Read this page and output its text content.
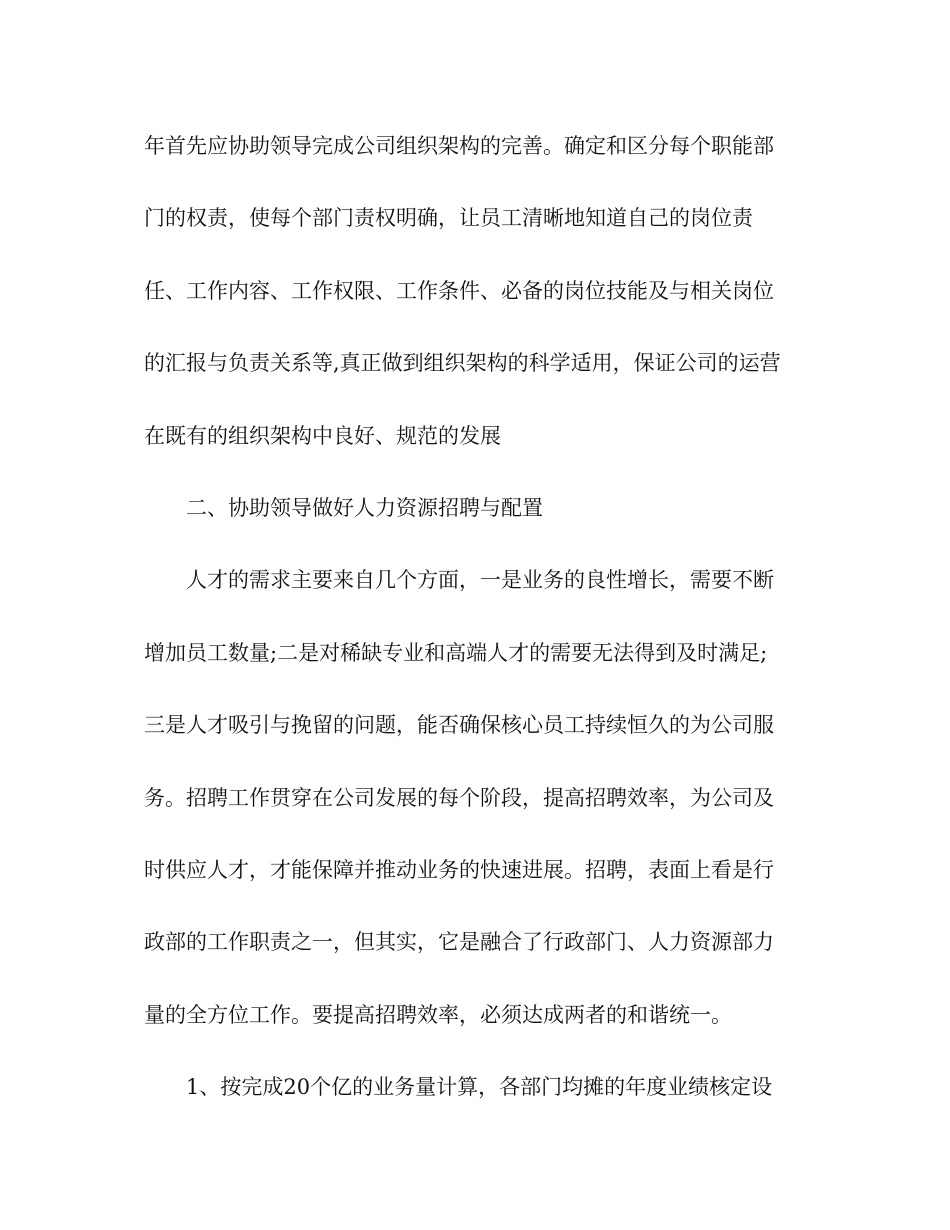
年首先应协助领导完成公司组织架构的完善。确定和区分每个职能部
门的权责，使每个部门责权明确，让员工清晰地知道自己的岗位责
任、工作内容、工作权限、工作条件、必备的岗位技能及与相关岗位
的汇报与负责关系等,真正做到组织架构的科学适用，保证公司的运营
在既有的组织架构中良好、规范的发展
二、协助领导做好人力资源招聘与配置
人才的需求主要来自几个方面，一是业务的良性增长，需要不断
增加员工数量;二是对稀缺专业和高端人才的需要无法得到及时满足;
三是人才吸引与挽留的问题，能否确保核心员工持续恒久的为公司服
务。招聘工作贯穿在公司发展的每个阶段，提高招聘效率，为公司及
时供应人才，才能保障并推动业务的快速进展。招聘，表面上看是行
政部的工作职责之一，但其实，它是融合了行政部门、人力资源部力
量的全方位工作。要提高招聘效率，必须达成两者的和谐统一。
1、按完成20个亿的业务量计算，各部门均摊的年度业绩核定设
